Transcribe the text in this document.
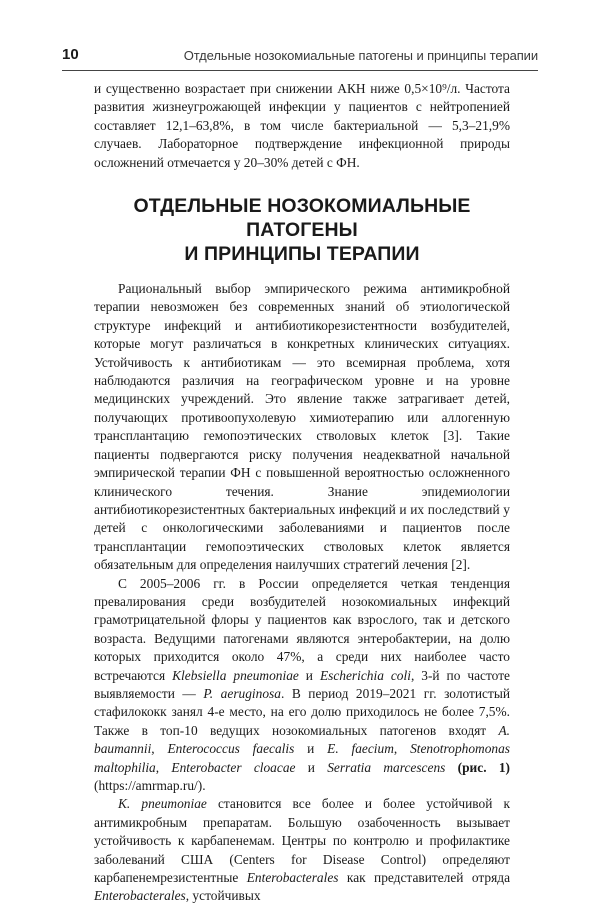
10	Отдельные нозокомиальные патогены и принципы терапии

и существенно возрастает при снижении АКН ниже 0,5×10⁹/л. Частота развития жизнеугрожающей инфекции у пациентов с нейтропенией составляет 12,1–63,8%, в том числе бактериальной — 5,3–21,9% случаев. Лабораторное подтверждение инфекционной природы осложнений отмечается у 20–30% детей с ФН.

ОТДЕЛЬНЫЕ НОЗОКОМИАЛЬНЫЕ ПАТОГЕНЫ
И ПРИНЦИПЫ ТЕРАПИИ

Рациональный выбор эмпирического режима антимикробной терапии невозможен без современных знаний об этиологической структуре инфекций и антибиотикорезистентности возбудителей, которые могут различаться в конкретных клинических ситуациях. Устойчивость к антибиотикам — это всемирная проблема, хотя наблюдаются различия на географическом уровне и на уровне медицинских учреждений. Это явление также затрагивает детей, получающих противоопухолевую химиотерапию или аллогенную трансплантацию гемопоэтических стволовых клеток [3]. Такие пациенты подвергаются риску получения неадекватной начальной эмпирической терапии ФН с повышенной вероятностью осложненного клинического течения. Знание эпидемиологии антибиотикорезистентных бактериальных инфекций и их последствий у детей с онкологическими заболеваниями и пациентов после трансплантации гемопоэтических стволовых клеток является обязательным для определения наилучших стратегий лечения [2].

С 2005–2006 гг. в России определяется четкая тенденция превалирования среди возбудителей нозокомиальных инфекций грамотрицательной флоры у пациентов как взрослого, так и детского возраста. Ведущими патогенами являются энтеробактерии, на долю которых приходится около 47%, а среди них наиболее часто встречаются Klebsiella pneumoniae и Escherichia coli, 3-й по частоте выявляемости — P. aeruginosa. В период 2019–2021 гг. золотистый стафилококк занял 4-е место, на его долю приходилось не более 7,5%. Также в топ-10 ведущих нозокомиальных патогенов входят A. baumannii, Enterococcus faecalis и E. faecium, Stenotrophomonas maltophilia, Enterobacter cloacae и Serratia marcescens (рис. 1) (https://amrmap.ru/).

K. pneumoniae становится все более и более устойчивой к антимикробным препаратам. Большую озабоченность вызывает устойчивость к карбапенемам. Центры по контролю и профилактике заболеваний США (Centers for Disease Control) определяют карбапенемрезистентные Enterobacterales как представителей отряда Enterobacterales, устойчивых
